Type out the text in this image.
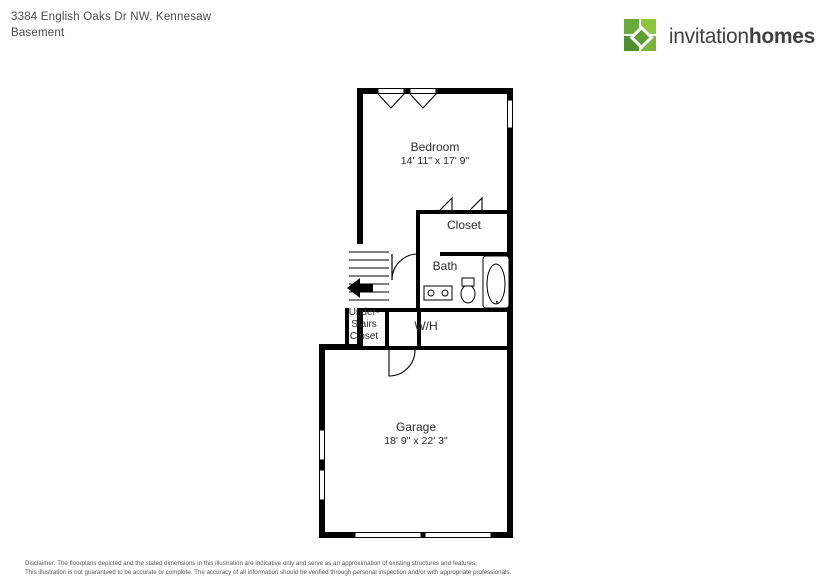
3384 English Oaks Dr NW, Kennesaw
Basement	invitationhomes
Bedroom
14' 11" x 17' 9"
Closet
Bath
W/H
Under-
Stairs
Closet
Garage
18' 9" x 22' 3"
Disclaimer: The floorplans depicted and the stated dimensions in this illustration are indicative only and serve as an approximation of existing structures and features.
This illustration is not guaranteed to be accurate or complete. The accuracy of all information should be verified through personal inspection and/or with appropriate professionals.
